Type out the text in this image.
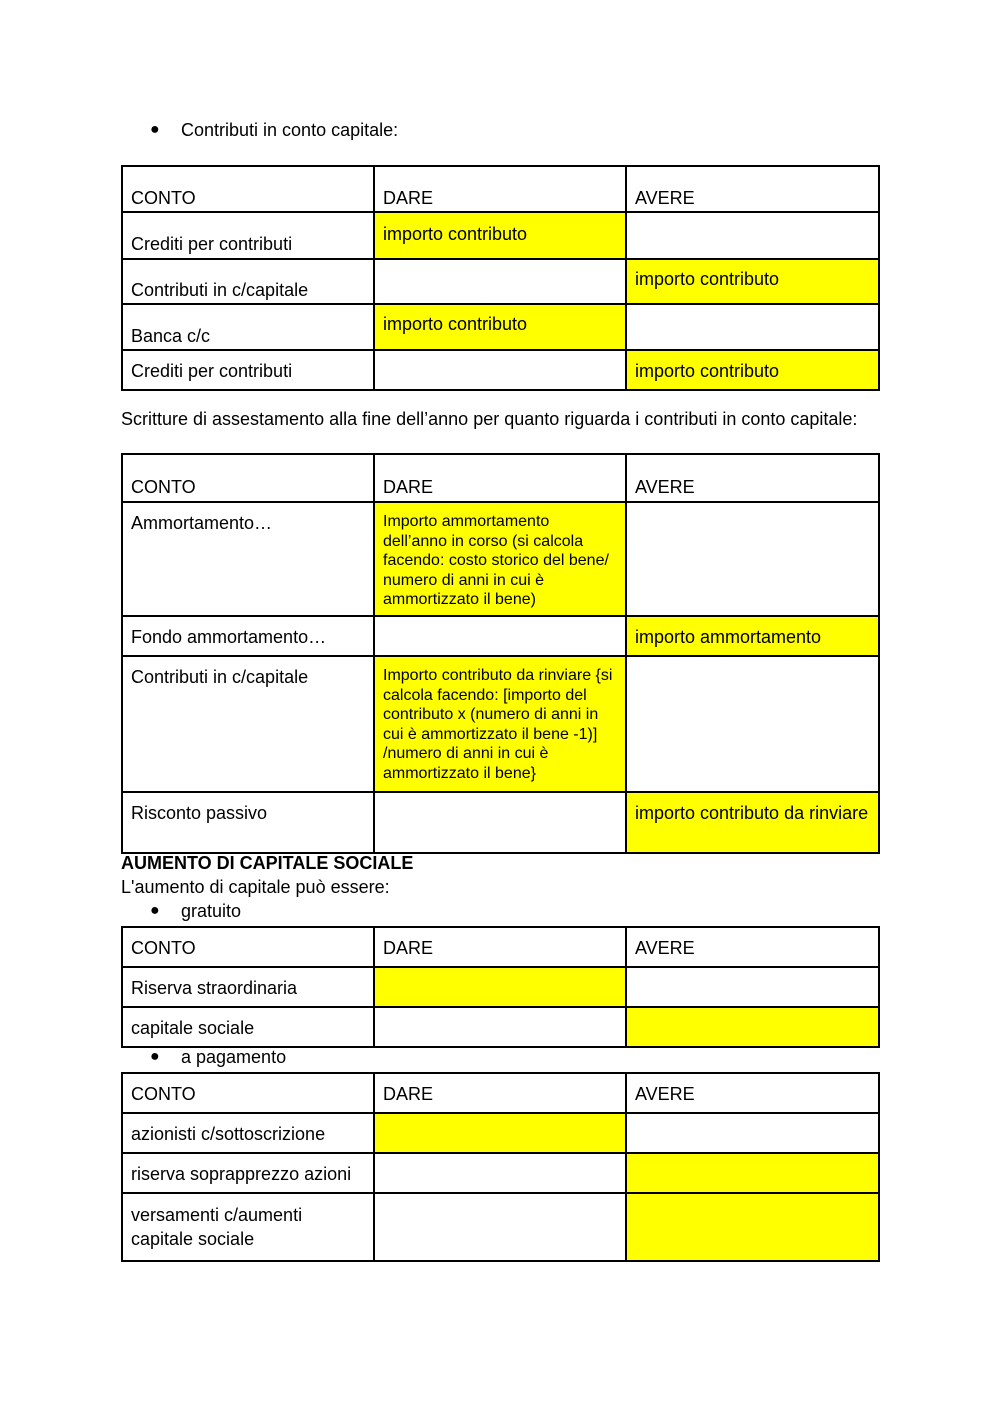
● Contributi in conto capitale:
CONTO	DARE	AVERE
Crediti per contributi	importo contributo	
Contributi in c/capitale		importo contributo
Banca c/c	importo contributo	
Crediti per contributi		importo contributo
Scritture di assestamento alla fine dell’anno per quanto riguarda i contributi in conto capitale:
CONTO	DARE	AVERE
Ammortamento…	Importo ammortamento dell’anno in corso (si calcola facendo: costo storico del bene/ numero di anni in cui è ammortizzato il bene)	
Fondo ammortamento…		importo ammortamento
Contributi in c/capitale	Importo contributo da rinviare {si calcola facendo: [importo del contributo x (numero di anni in cui è ammortizzato il bene -1)] /numero di anni in cui è ammortizzato il bene}	
Risconto passivo		importo contributo da rinviare
AUMENTO DI CAPITALE SOCIALE
L'aumento di capitale può essere:
● gratuito
CONTO	DARE	AVERE
Riserva straordinaria		
capitale sociale		
● a pagamento
CONTO	DARE	AVERE
azionisti c/sottoscrizione		
riserva soprapprezzo azioni		
versamenti c/aumenti capitale sociale		
